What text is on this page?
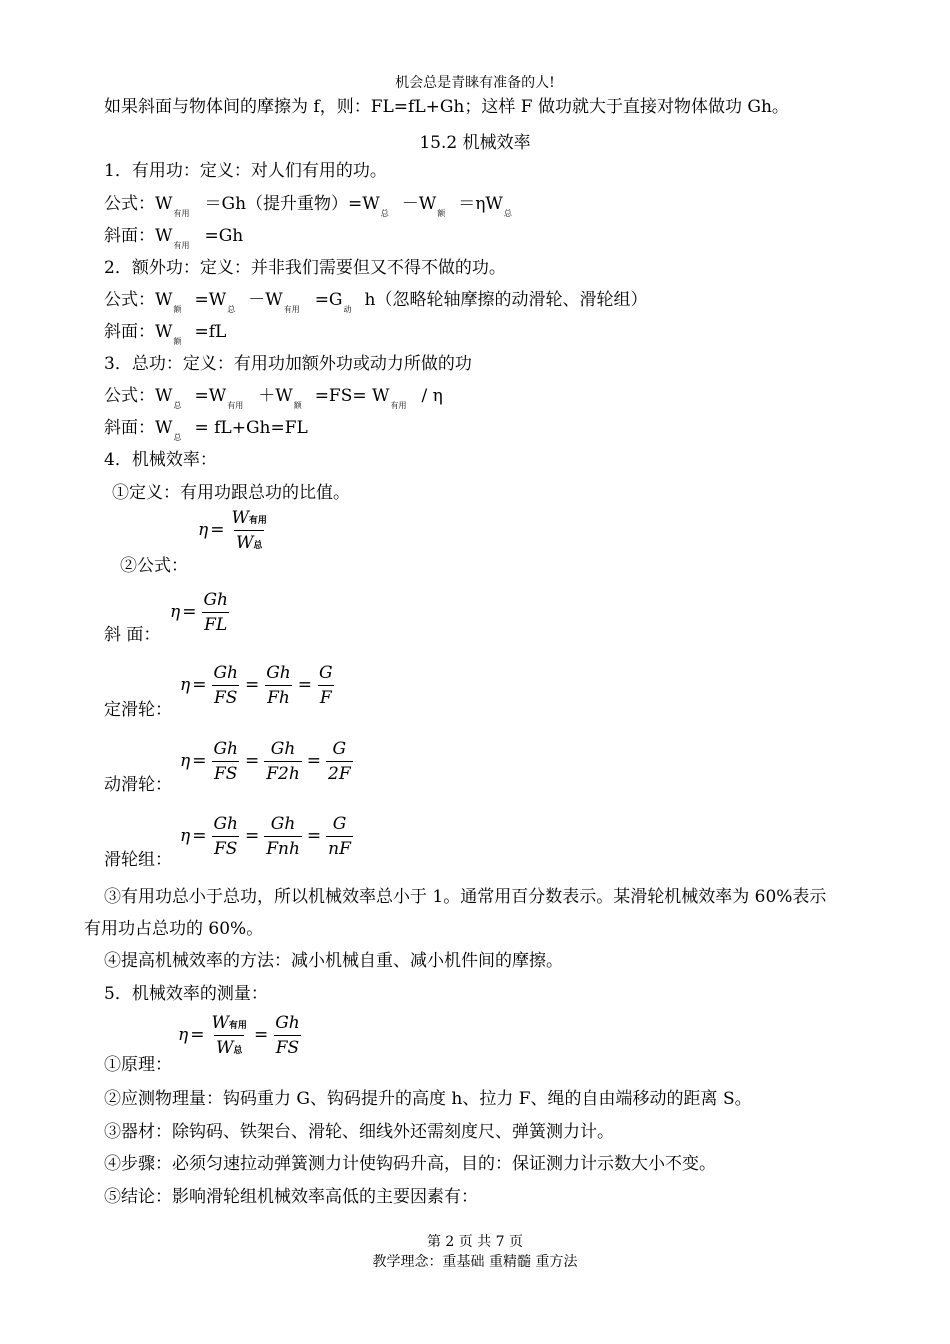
机会总是青睐有准备的人!
如果斜面与物体间的摩擦为 f，则：FL=fL+Gh；这样 F 做功就大于直接对物体做功 Gh。
15.2 机械效率
1．有用功：定义：对人们有用的功。
公式：W有用 ＝Gh（提升重物）=W总 －W额 ＝ηW总
斜面：W有用 =Gh
2．额外功：定义：并非我们需要但又不得不做的功。
公式：W额 =W总 －W有用 =G动 h（忽略轮轴摩擦的动滑轮、滑轮组）
斜面：W额 =fL
3．总功：定义：有用功加额外功或动力所做的功
公式：W总 =W有用 ＋W额 =FS= W有用 / η
斜面：W总 = fL+Gh=FL
4．机械效率：
①定义：有用功跟总功的比值。
$\eta = \frac{\text{W有用}}{\text{W总}}$
②公式：
$\eta = \frac{Gh}{FL}$
斜 面：
$\eta = \frac{Gh}{FS} = \frac{Gh}{Fh} = \frac{G}{F}$
定滑轮：
$\eta = \frac{Gh}{FS} = \frac{Gh}{F2h} = \frac{G}{2F}$
动滑轮：
$\eta = \frac{Gh}{FS} = \frac{Gh}{\text{Fnh}} = \frac{G}{nF}$
滑轮组：
③有用功总小于总功，所以机械效率总小于 1。通常用百分数表示。某滑轮机械效率为 60%表示
有用功占总功的 60%。
④提高机械效率的方法：减小机械自重、减小机件间的摩擦。
5．机械效率的测量：
$\eta = \frac{\text{W有用}}{\text{W总}} = \frac{Gh}{FS}$
①原理：
②应测物理量：钩码重力 G、钩码提升的高度 h、拉力 F、绳的自由端移动的距离 S。
③器材：除钩码、铁架台、滑轮、细线外还需刻度尺、弹簧测力计。
④步骤：必须匀速拉动弹簧测力计使钩码升高，目的：保证测力计示数大小不变。
⑤结论：影响滑轮组机械效率高低的主要因素有：
第 2 页 共 7 页
教学理念：重基础 重精髓 重方法
